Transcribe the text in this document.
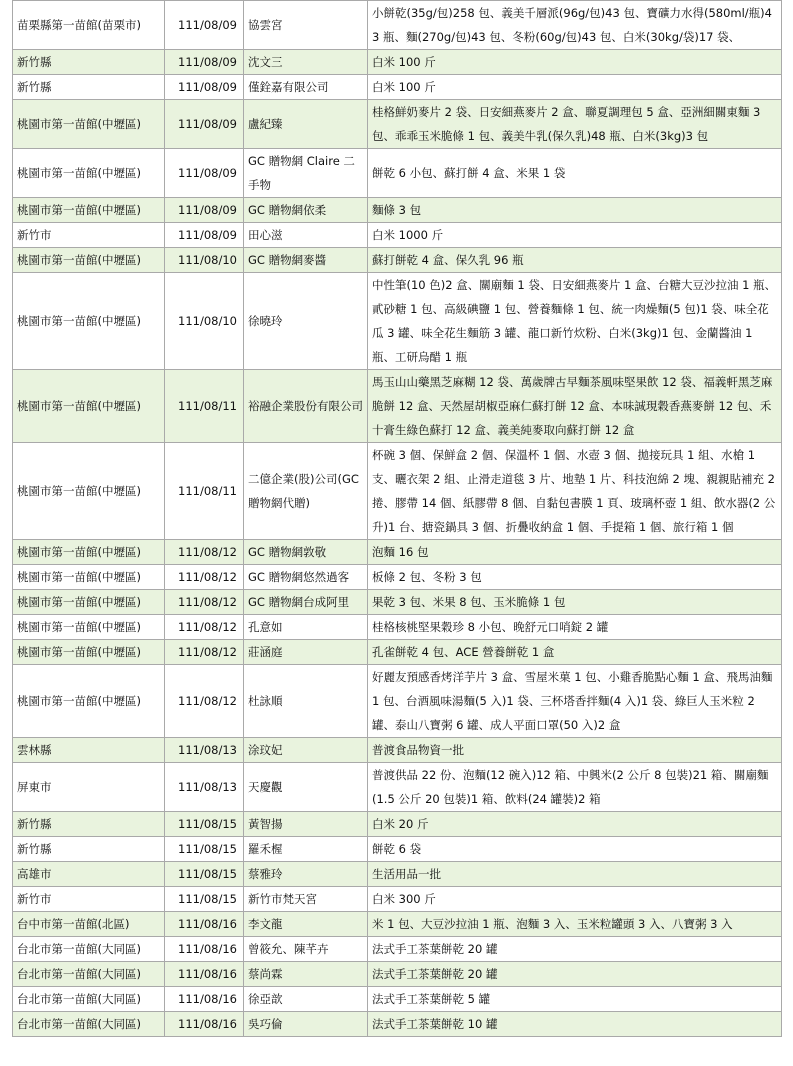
苗栗縣第一苗館(苗栗市)	111/08/09	協雲宮	小餅乾(35g/包)258 包、義美千層派(96g/包)43 包、寶礦力水得(580ml/瓶)43 瓶、麵(270g/包)43 包、冬粉(60g/包)43 包、白米(30kg/袋)17 袋、
新竹縣	111/08/09	沈文三	白米 100 斤
新竹縣	111/08/09	僅銓嘉有限公司	白米 100 斤
桃園市第一苗館(中壢區)	111/08/09	盧紀臻	桂格鮮奶麥片 2 袋、日安細燕麥片 2 盒、聯夏調理包 5 盒、亞洲細關東麵 3 包、乖乖玉米脆條 1 包、義美牛乳(保久乳)48 瓶、白米(3kg)3 包
桃園市第一苗館(中壢區)	111/08/09	GC 贈物網 Claire 二手物	餅乾 6 小包、蘇打餅 4 盒、米果 1 袋
桃園市第一苗館(中壢區)	111/08/09	GC 贈物網依柔	麵條 3 包
新竹市	111/08/09	田心滋	白米 1000 斤
桃園市第一苗館(中壢區)	111/08/10	GC 贈物網麥醬	蘇打餅乾 4 盒、保久乳 96 瓶
桃園市第一苗館(中壢區)	111/08/10	徐曉玲	中性筆(10 色)2 盒、關廟麵 1 袋、日安細燕麥片 1 盒、台糖大豆沙拉油 1 瓶、貳砂糖 1 包、高級碘鹽 1 包、營養麵條 1 包、統一肉燥麵(5 包)1 袋、味全花瓜 3 罐、味全花生麵筋 3 罐、龍口新竹炊粉、白米(3kg)1 包、金蘭醬油 1 瓶、工研烏醋 1 瓶
桃園市第一苗館(中壢區)	111/08/11	裕融企業股份有限公司	馬玉山山藥黑芝麻糊 12 袋、萬歲牌古早麵茶風味堅果飲 12 袋、福義軒黑芝麻脆餅 12 盒、天然屋胡椒亞麻仁蘇打餅 12 盒、本味誠現穀香燕麥餅 12 包、禾十膏生綠色蘇打 12 盒、義美純麥取向蘇打餅 12 盒
桃園市第一苗館(中壢區)	111/08/11	二億企業(股)公司(GC 贈物網代贈)	杯碗 3 個、保鮮盒 2 個、保溫杯 1 個、水壺 3 個、拋接玩具 1 組、水槍 1 支、曬衣架 2 組、止滑走道毯 3 片、地墊 1 片、科技泡綿 2 塊、親親貼補充 2 捲、膠帶 14 個、紙膠帶 8 個、自黏包書膜 1 頁、玻璃杯壺 1 組、飲水器(2 公升)1 台、搪瓷鍋具 3 個、折疊收納盒 1 個、手提箱 1 個、旅行箱 1 個
桃園市第一苗館(中壢區)	111/08/12	GC 贈物網敦敬	泡麵 16 包
桃園市第一苗館(中壢區)	111/08/12	GC 贈物網悠然過客	板條 2 包、冬粉 3 包
桃園市第一苗館(中壢區)	111/08/12	GC 贈物網台成阿里	果乾 3 包、米果 8 包、玉米脆條 1 包
桃園市第一苗館(中壢區)	111/08/12	孔意如	桂格核桃堅果穀珍 8 小包、晚舒元口哨錠 2 罐
桃園市第一苗館(中壢區)	111/08/12	莊涵庭	孔雀餅乾 4 包、ACE 營養餅乾 1 盒
桃園市第一苗館(中壢區)	111/08/12	杜詠順	好麗友預感香烤洋芋片 3 盒、雪屋米菓 1 包、小雞香脆點心麵 1 盒、飛馬油麵 1 包、台酒風味湯麵(5 入)1 袋、三杯塔香拌麵(4 入)1 袋、綠巨人玉米粒 2 罐、泰山八寶粥 6 罐、成人平面口罩(50 入)2 盒
雲林縣	111/08/13	涂玟妃	普渡食品物資一批
屏東市	111/08/13	天慶觀	普渡供品 22 份、泡麵(12 碗入)12 箱、中興米(2 公斤 8 包裝)21 箱、關廟麵(1.5 公斤 20 包裝)1 箱、飲料(24 罐裝)2 箱
新竹縣	111/08/15	黃智揚	白米 20 斤
新竹縣	111/08/15	羅禾楃	餅乾 6 袋
高雄市	111/08/15	蔡雅玲	生活用品一批
新竹市	111/08/15	新竹市梵天宮	白米 300 斤
台中市第一苗館(北區)	111/08/16	李文龍	米 1 包、大豆沙拉油 1 瓶、泡麵 3 入、玉米粒罐頭 3 入、八寶粥 3 入
台北市第一苗館(大同區)	111/08/16	曾筱允、陳芊卉	法式手工茶葉餅乾 20 罐
台北市第一苗館(大同區)	111/08/16	蔡尚霖	法式手工茶葉餅乾 20 罐
台北市第一苗館(大同區)	111/08/16	徐亞歆	法式手工茶葉餅乾 5 罐
台北市第一苗館(大同區)	111/08/16	吳巧倫	法式手工茶葉餅乾 10 罐
